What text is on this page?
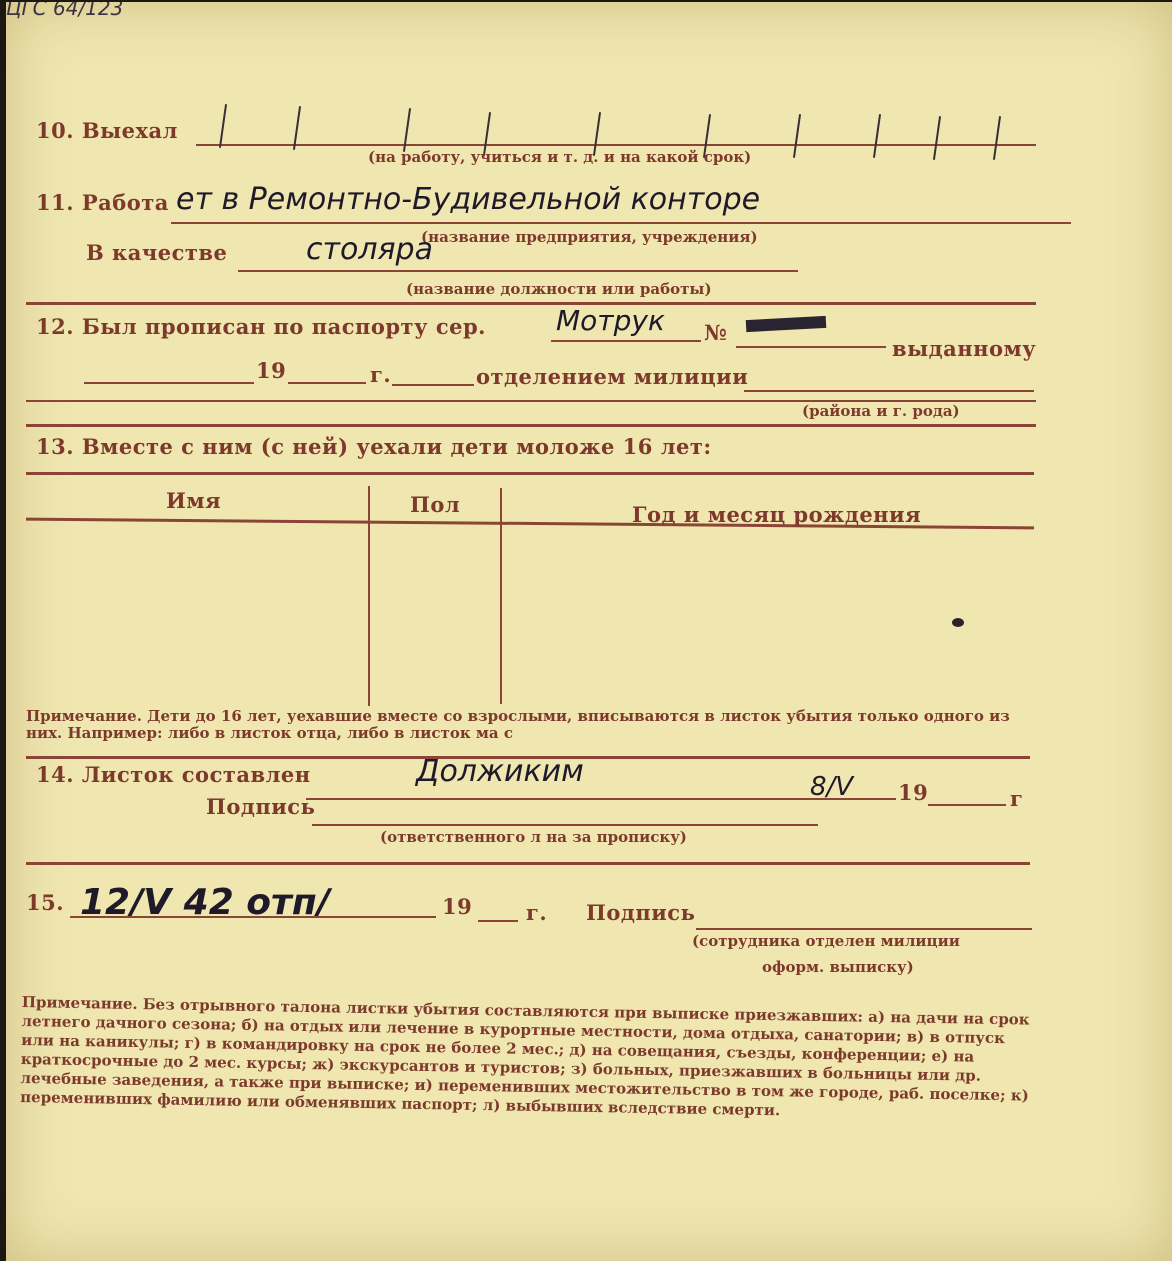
ЦГС 64/123
10. Выехал
(на работу, учиться и т. д. и на какой срок)
11. Работа ет в Ремонтно-Будивельной конторе
(название предприятия, учреждения)
В качестве	столяра
(название должности или работы)
12. Был прописан по паспорту сер.	Мотрук №
выданному
19	г.	отделением милиции
(района и г. рода)
13. Вместе с ним (с ней) уехали дети моложе 16 лет:
Имя	Пол	Год и месяц рождения
Примечание. Дети до 16 лет, уехавшие вместе со взрослыми, вписываются в листок убытия только одного из них. Например: либо в листок отца, либо в листок ма с
14. Листок составлен	Должиким	8/V 19	г
Подпись
(ответственного л на за прописку)
15. 12/V 42 отп/	19	г. Подпись
(сотрудника отделен милиции
оформ. выписку)
Примечание. Без отрывного талона листки убытия составляются при выписке приезжавших: а) на дачи на срок летнего дачного сезона; б) на отдых или лечение в курортные местности, дома отдыха, санатории; в) в отпуск или на каникулы; г) в командировку на срок не более 2 мес.; д) на совещания, съезды, конференции; е) на краткосрочные до 2 мес. курсы; ж) экскурсантов и туристов; з) больных, приезжавших в больницы или др. лечебные заведения, а также при выписке; и) переменивших местожительство в том же городе, раб. поселке; к) переменивших фамилию или обменявших паспорт; л) выбывших вследствие смерти.
